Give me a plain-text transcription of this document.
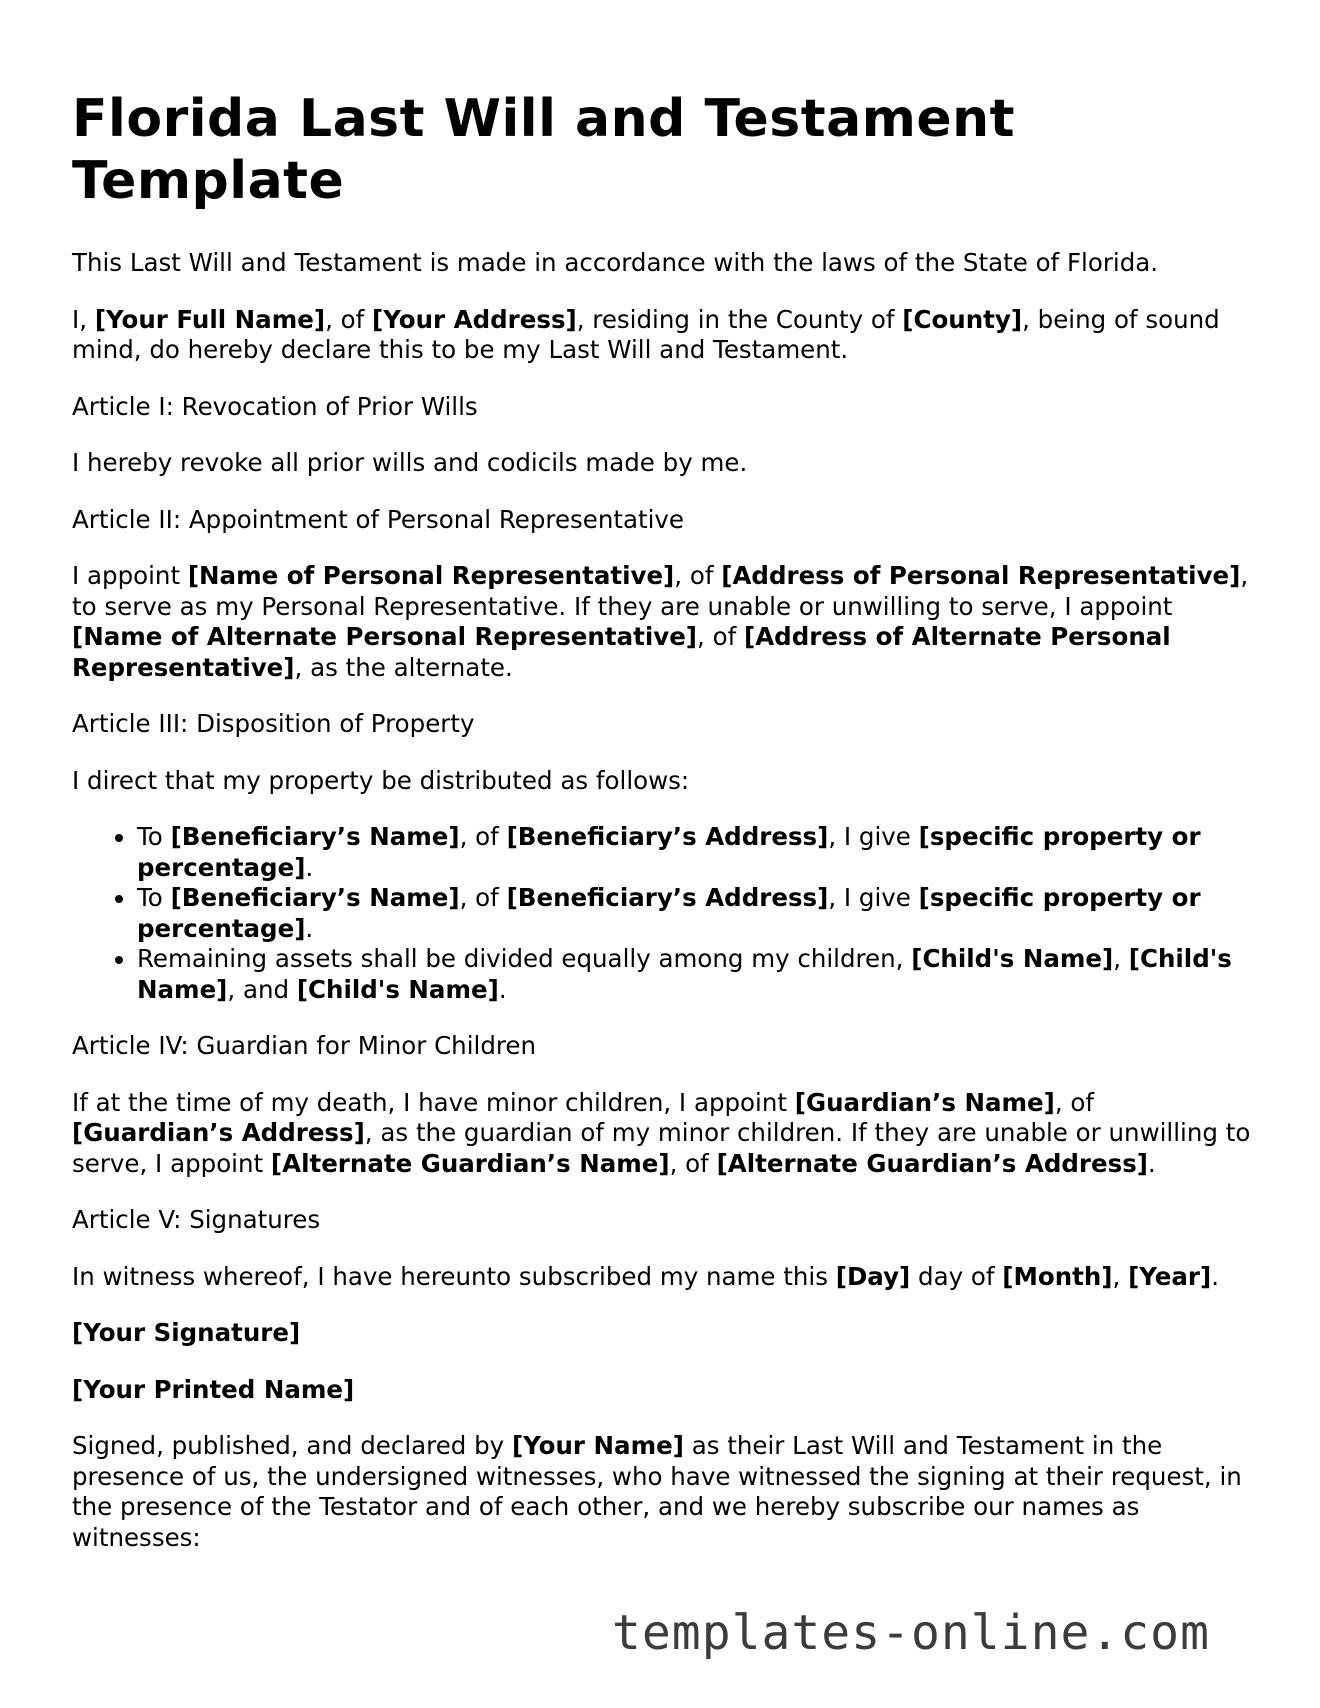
Florida Last Will and Testament Template

This Last Will and Testament is made in accordance with the laws of the State of Florida.

I, [Your Full Name], of [Your Address], residing in the County of [County], being of sound mind, do hereby declare this to be my Last Will and Testament.

Article I: Revocation of Prior Wills

I hereby revoke all prior wills and codicils made by me.

Article II: Appointment of Personal Representative

I appoint [Name of Personal Representative], of [Address of Personal Representative], to serve as my Personal Representative. If they are unable or unwilling to serve, I appoint [Name of Alternate Personal Representative], of [Address of Alternate Personal Representative], as the alternate.

Article III: Disposition of Property

I direct that my property be distributed as follows:

• To [Beneficiary’s Name], of [Beneficiary’s Address], I give [specific property or percentage].
• To [Beneficiary’s Name], of [Beneficiary’s Address], I give [specific property or percentage].
• Remaining assets shall be divided equally among my children, [Child's Name], [Child's Name], and [Child's Name].

Article IV: Guardian for Minor Children

If at the time of my death, I have minor children, I appoint [Guardian’s Name], of [Guardian’s Address], as the guardian of my minor children. If they are unable or unwilling to serve, I appoint [Alternate Guardian’s Name], of [Alternate Guardian’s Address].

Article V: Signatures

In witness whereof, I have hereunto subscribed my name this [Day] day of [Month], [Year].

[Your Signature]

[Your Printed Name]

Signed, published, and declared by [Your Name] as their Last Will and Testament in the presence of us, the undersigned witnesses, who have witnessed the signing at their request, in the presence of the Testator and of each other, and we hereby subscribe our names as witnesses:

templates-online.com
